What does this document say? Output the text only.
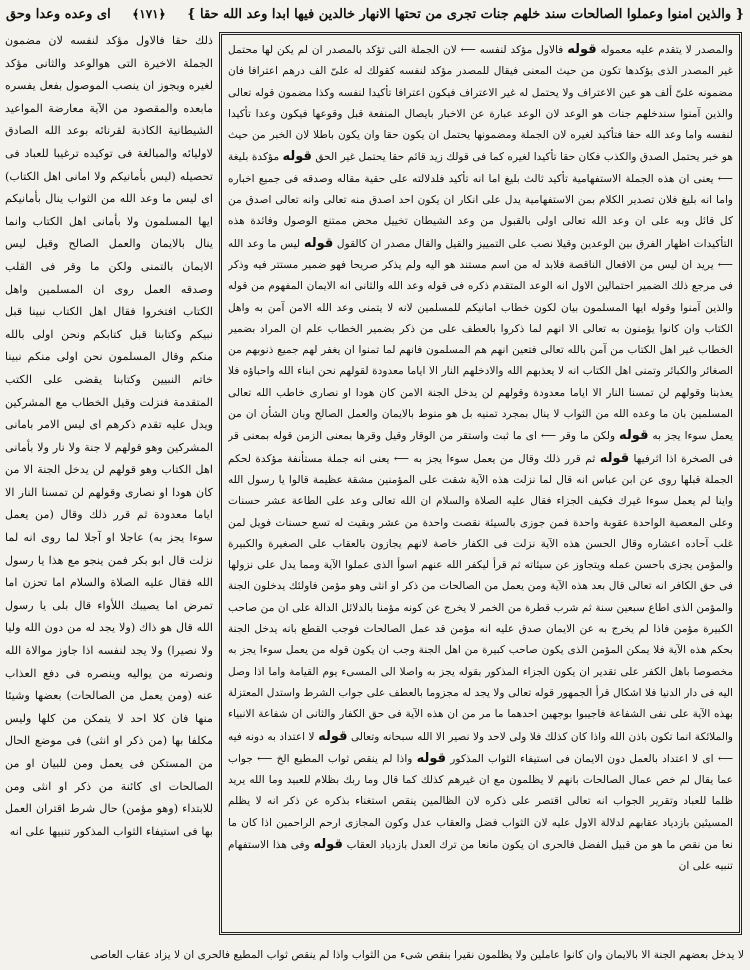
{ والذين امنوا وعملوا الصالحات سند خلهم جنات تجرى من تحتها الانهار خالدين فيها ابدا وعد الله حقا }
﴿١٧١﴾
اى وعده وعدا وحق

ذلك حقا فالاول مؤكد لنفسه لان مضمون الجملة الاخيرة التى هوالوعد والثانى مؤكد لغيره ويجوز ان ينصب الموصول بفعل يفسره مابعده والمقصود من الآية معارضة المواعيد الشيطانية الكاذبة لقرنائه بوعد الله الصادق لاوليائه والمبالغة فى توكيده ترغيبا للعباد فى تحصيله (ليس بأمانيكم ولا امانى اهل الكتاب) اى ليس ما وعد الله من الثواب ينال بأمانيكم ايها المسلمون ولا بأمانى اهل الكتاب وانما ينال بالايمان والعمل الصالح وقيل ليس الايمان بالتمنى ولكن ما وقر فى القلب وصدقه العمل روى ان المسلمين واهل الكتاب افتخروا فقال اهل الكتاب نبينا قبل نبيكم وكتابنا قبل كتابكم ونحن اولى بالله منكم وقال المسلمون نحن اولى منكم نبينا خاتم النبيين وكتابنا يقضى على الكتب المتقدمة فنزلت وقيل الخطاب مع المشركين ويدل عليه تقدم ذكرهم اى ليس الامر بامانى المشركين وهو قولهم لا جنة ولا نار ولا بأمانى اهل الكتاب وهو قولهم لن يدخل الجنة الا من كان هودا او نصارى وقولهم لن تمسنا النار الا اياما معدودة ثم قرر ذلك وقال (من يعمل سوءا يجز به) عاجلا او آجلا لما روى انه لما نزلت قال ابو بكر فمن ينجو مع هذا يا رسول الله فقال عليه الصلاة والسلام اما تحزن اما تمرض اما يصيبك اللأواء قال بلى يا رسول الله قال هو ذاك (ولا يجد له من دون الله وليا ولا نصيرا) ولا يجد لنفسه اذا جاوز موالاة الله ونصرته من يواليه وينصره فى دفع العذاب عنه (ومن يعمل من الصالحات) بعضها وشيئا منها فان كلا احد لا يتمكن من كلها وليس مكلفا بها (من ذكر او انثى) فى موضع الحال من المستكن فى يعمل ومن للبيان او من الصالحات اى كائنة من ذكر او انثى ومن للابتداء (وهو مؤمن) حال شرط اقتران العمل بها فى استيفاء الثواب المذكور تنبيها على انه

والمصدر لا يتقدم عليه معموله قوله فالاول مؤكد لنفسه ⟵ لان الجملة التى تؤكد بالمصدر ان لم يكن لها محتمل غير المصدر الذى يؤكدها تكون من حيث المعنى فيقال للمصدر مؤكد لنفسه كقولك له علىّ الف درهم اعترافا فان مضمونه علىّ ألف هو عين الاعتراف ولا يحتمل له غير الاعتراف فيكون اعترافا تأكيدا لنفسه وكذا مضمون قوله تعالى والذين آمنوا سندخلهم جنات هو الوعد لان الوعد عبارة عن الاخبار بايصال المنفعة قبل وقوعها فيكون وعدا تأكيدا لنفسه واما وعد الله حقا فتأكيد لغيره لان الجملة ومضمونها يحتمل ان يكون حقا وان يكون باطلا لان الخبر من حيث هو خبر يحتمل الصدق والكذب فكان حقا تأكيدا لغيره كما فى قولك زيد قائم حقا يحتمل غير الحق قوله مؤكدة بليغة ⟵ يعنى ان هذه الجملة الاستفهامية تأكيد ثالث بليغ اما انه تأكيد فلدلالته على حقية مقاله وصدقه فى جميع اخباره واما انه بليغ فلان تصدير الكلام بمن الاستفهامية يدل على انكار ان يكون احد اصدق منه تعالى وانه تعالى اصدق من كل قائل وبه على ان وعد الله تعالى اولى بالقبول من وعد الشيطان تخييل محض ممتنع الوصول وفائدة هذه التأكيدات اظهار الفرق بين الوعدين وقيلا نصب على التمييز والقيل والقال مصدر ان كالقول قوله ليس ما وعد الله ⟵ يريد ان ليس من الافعال الناقصة فلابد له من اسم مستند هو اليه ولم يذكر صريحا فهو ضمير مستتر فيه وذكر فى مرجع ذلك الضمير احتمالين الاول انه الوعد المتقدم ذكره فى قوله وعد الله والثانى انه الايمان المفهوم من قوله والذين آمنوا وقوله ايها المسلمون بيان لكون خطاب امانيكم للمسلمين لانه لا يتمنى وعد الله الامن آمن به واهل الكتاب وان كانوا يؤمنون به تعالى الا انهم لما ذكروا بالعطف على من ذكر بضمير الخطاب علم ان المراد بضمير الخطاب غير اهل الكتاب من آمن بالله تعالى فتعين انهم هم المسلمون فانهم لما تمنوا ان يغفر لهم جميع ذنوبهم من الصغائر والكبائر وتمنى اهل الكتاب انه لا يعذبهم الله والادخلهم النار الا اياما معدودة لقولهم نحن ابناء الله واحباؤه فلا يعذبنا وقولهم لن تمسنا النار الا اياما معدودة وقولهم لن يدخل الجنة الامن كان هودا او نصارى خاطب الله تعالى المسلمين بان ما وعده الله من الثواب لا ينال بمجرد تمنيه بل هو منوط بالايمان والعمل الصالح وبان الشأن ان من يعمل سوءا يجز به قوله ولكن ما وقر ⟵ اى ما ثبت واستقر من الوقار وقيل وقرها بمعنى الزمن قوله بمعنى قر فى الصخرة اذا اثرفيها قوله ثم قرر ذلك وقال من يعمل سوءا يجز به ⟵ يعنى انه جملة مستأنفة مؤكدة لحكم الجملة قبلها روى عن ابن عباس انه قال لما نزلت هذه الآية شقت على المؤمنين مشقة عظيمة قالوا يا رسول الله واينا لم يعمل سوءا غيرك فكيف الجزاء فقال عليه الصلاة والسلام ان الله تعالى وعد على الطاعة عشر حسنات وعلى المعصية الواحدة عقوبة واحدة فمن جوزى بالسيئة نقصت واحدة من عشر وبقيت له تسع حسنات فويل لمن غلب آحاده اعشاره وقال الحسن هذه الآية نزلت فى الكفار خاصة لانهم يجازون بالعقاب على الصغيرة والكبيرة والمؤمن يجزى باحسن عمله ويتجاوز عن سيئاته ثم قرأ ليكفر الله عنهم اسوأ الذى عملوا الآية ومما يدل على نزولها فى حق الكافر انه تعالى قال بعد هذه الآية ومن يعمل من الصالحات من ذكر او انثى وهو مؤمن فاولئك يدخلون الجنة والمؤمن الذى اطاع سبعين سنة ثم شرب قطرة من الخمر لا يخرج عن كونه مؤمنا بالدلائل الدالة على ان من صاحب الكبيرة مؤمن فاذا لم يخرج به عن الايمان صدق عليه انه مؤمن قد عمل الصالحات فوجب القطع بانه يدخل الجنة بحكم هذه الآية فلا يمكن المؤمن الذى يكون صاحب كبيرة من اهل الجنة وجب ان يكون قوله من يعمل سوءا يجز به مخصوصا باهل الكفر على تقدير ان يكون الجزاء المذكور بقوله يجز به واصلا الى المسىء يوم القيامة واما اذا وصل اليه فى دار الدنيا فلا اشكال قرأ الجمهور قوله تعالى ولا يجد له مجزوما بالعطف على جواب الشرط واستدل المعتزلة بهذه الآية على نفى الشفاعة فاجيبوا بوجهين احدهما ما مر من ان هذه الآية فى حق الكفار والثانى ان شفاعة الانبياء والملائكة انما تكون باذن الله واذا كان كذلك فلا ولى لاحد ولا نصير الا الله سبحانه وتعالى قوله لا اعتداد به دونه فيه ⟵ اى لا اعتداد بالعمل دون الايمان فى استيفاء الثواب المذكور قوله واذا لم ينقص ثواب المطيع الخ ⟵ جواب عما يقال لم خص عمال الصالحات بانهم لا يظلمون مع ان غيرهم كذلك كما قال وما ربك بظلام للعبيد وما الله يريد ظلما للعباد وتقرير الجواب انه تعالى اقتصر على ذكره لان الظالمين ينقص استغناء بذكره عن ذكر انه لا يظلم المسيئين بازدياد عقابهم لدلالة الاول عليه لان الثواب فضل والعقاب عدل وكون المجازى ارحم الراحمين اذا كان ما نعا من نقص ما هو من قبيل الفضل فالحرى ان يكون مانعا من ترك العدل بازدياد العقاب قوله وفى هذا الاستفهام تنبيه على ان

لا يدخل بعضهم الجنة الا بالايمان وان كانوا عاملين ولا يظلمون نقيرا بنقص شىء من الثواب واذا لم ينقص ثواب المطيع فالحرى ان لا يزاد عقاب العاصى
